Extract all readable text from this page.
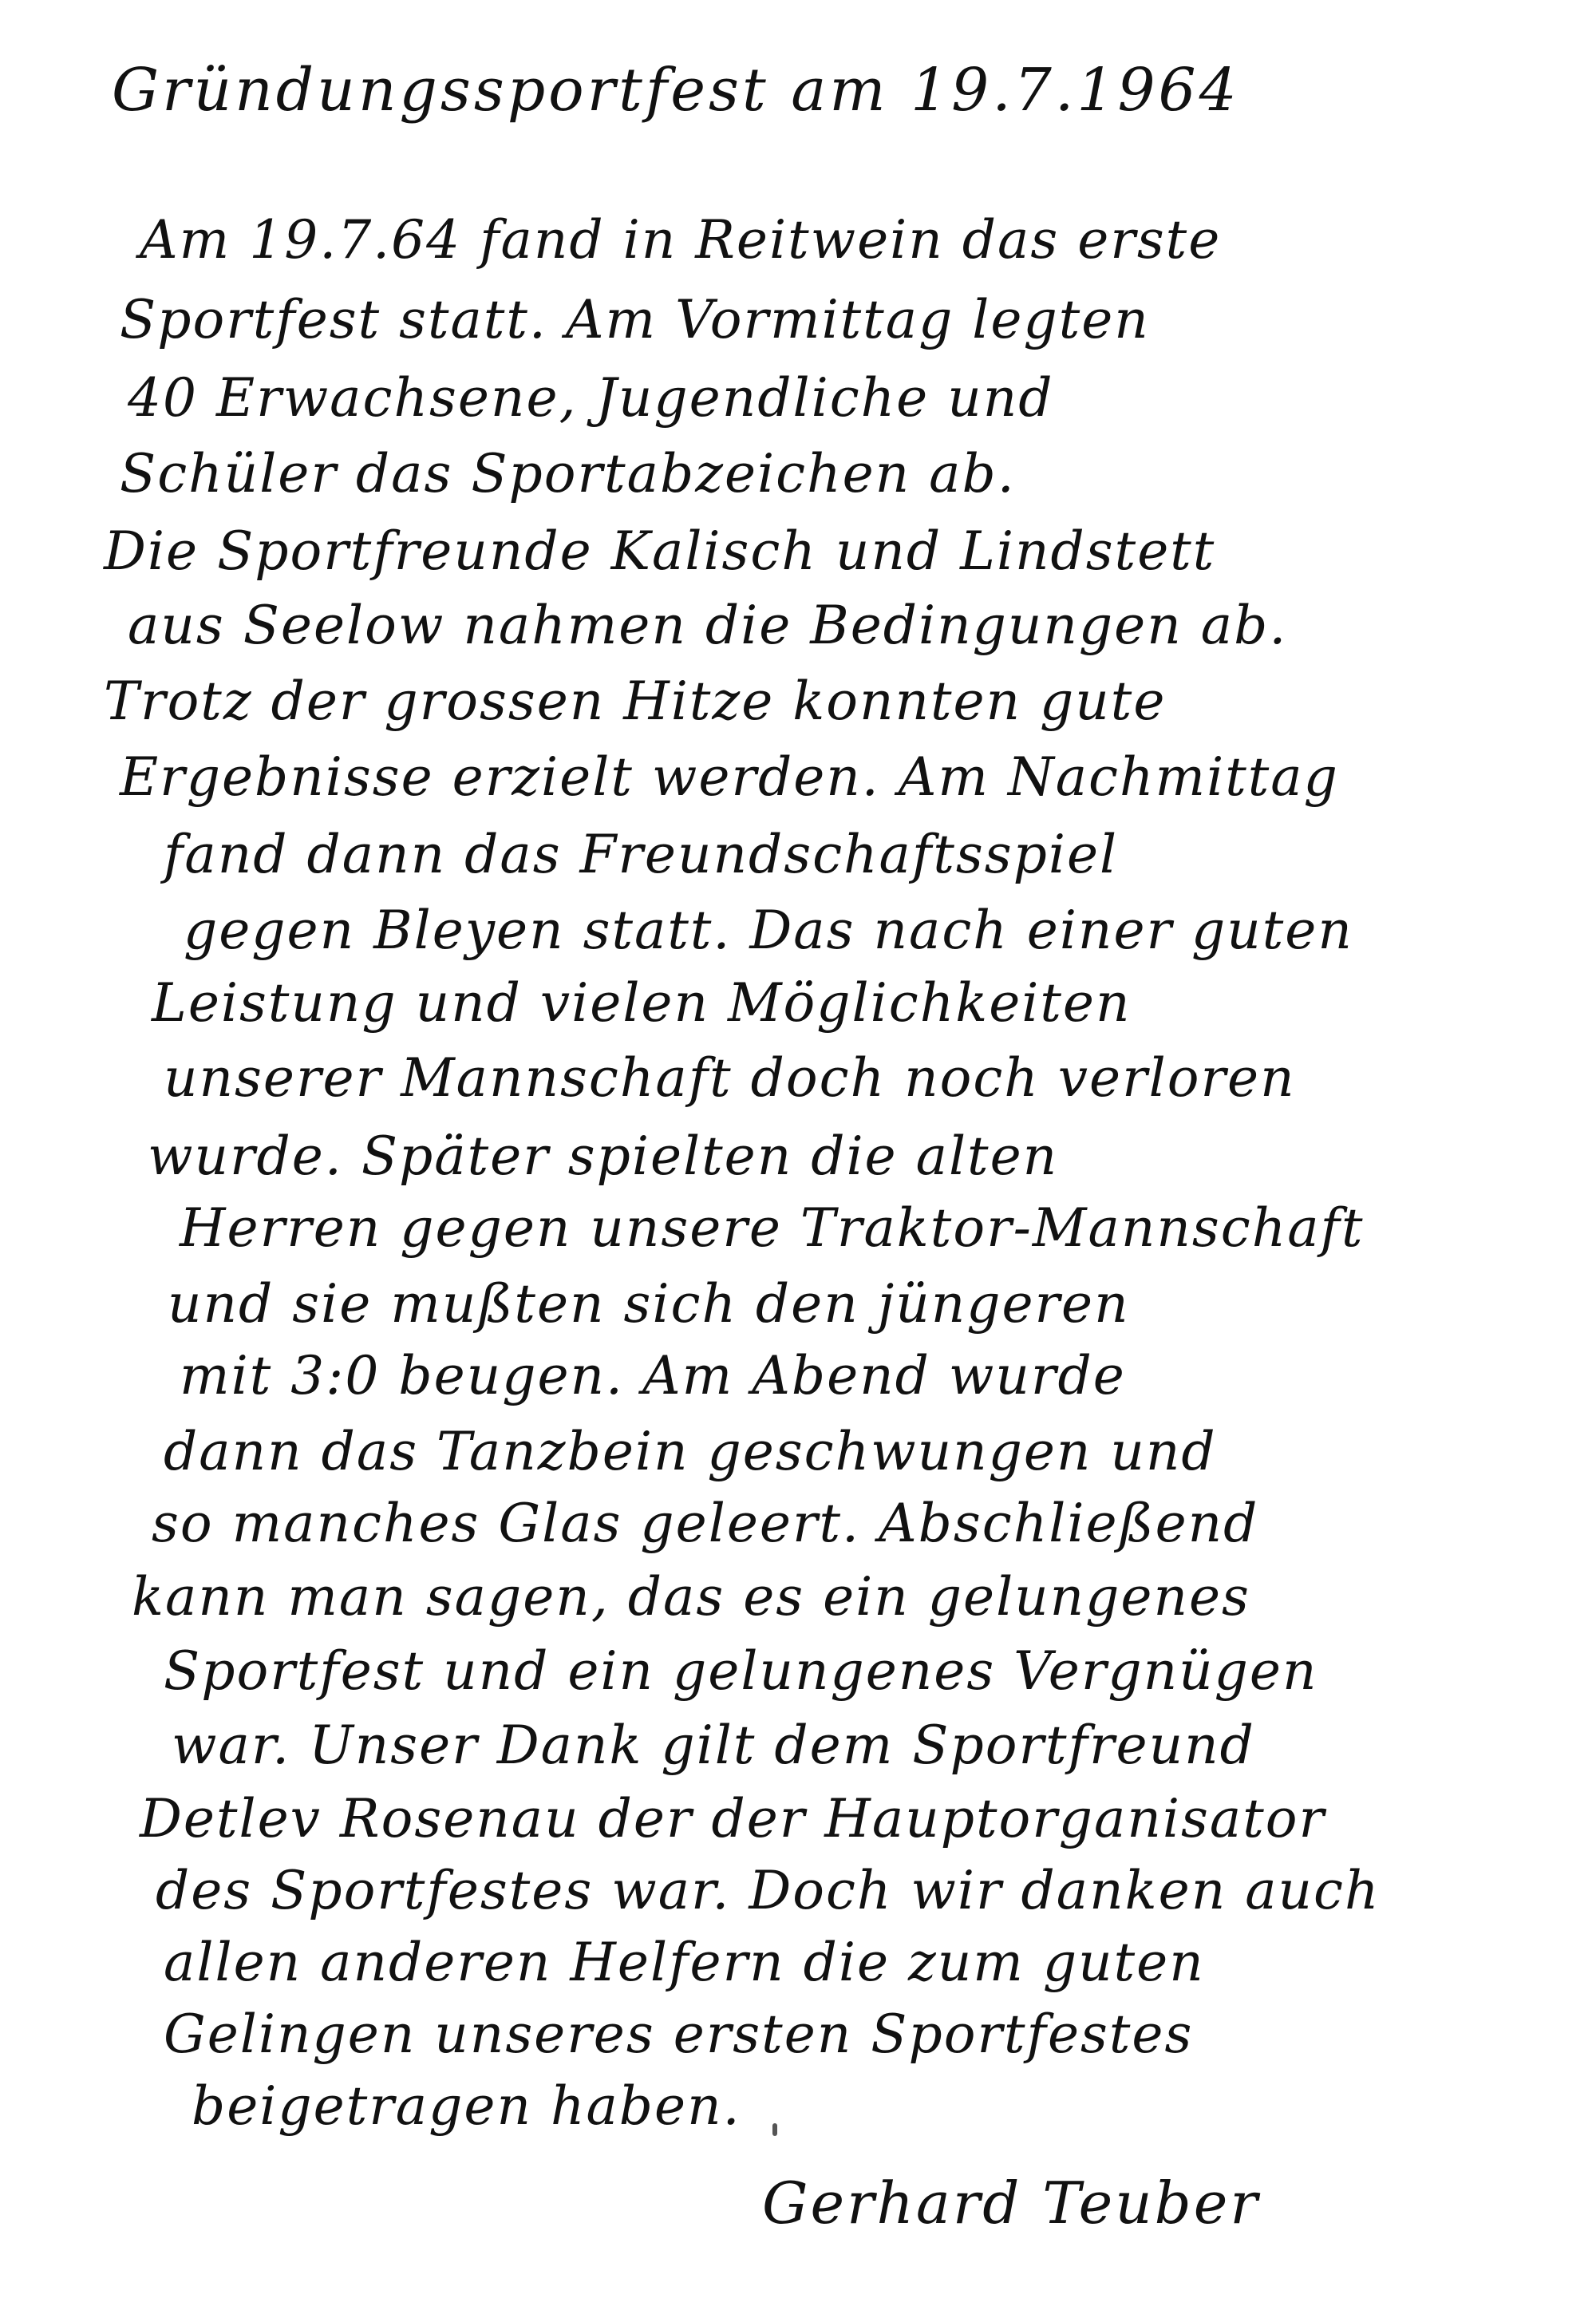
Gründungssportfest am 19.7.1964
Am 19.7.64 fand in Reitwein das erste
Sportfest statt. Am Vormittag legten
40 Erwachsene, Jugendliche und
Schüler das Sportabzeichen ab.
Die Sportfreunde Kalisch und Lindstett
aus Seelow nahmen die Bedingungen ab.
Trotz der grossen Hitze konnten gute
Ergebnisse erzielt werden. Am Nachmittag
fand dann das Freundschaftsspiel
gegen Bleyen statt. Das nach einer guten
Leistung und vielen Möglichkeiten
unserer Mannschaft doch noch verloren
wurde. Später spielten die alten
Herren gegen unsere Traktor-Mannschaft
und sie mußten sich den jüngeren
mit 3:0 beugen. Am Abend wurde
dann das Tanzbein geschwungen und
so manches Glas geleert. Abschließend
kann man sagen, das es ein gelungenes
Sportfest und ein gelungenes Vergnügen
war. Unser Dank gilt dem Sportfreund
Detlev Rosenau der der Hauptorganisator
des Sportfestes war. Doch wir danken auch
allen anderen Helfern die zum guten
Gelingen unseres ersten Sportfestes
beigetragen haben.
Gerhard Teuber
